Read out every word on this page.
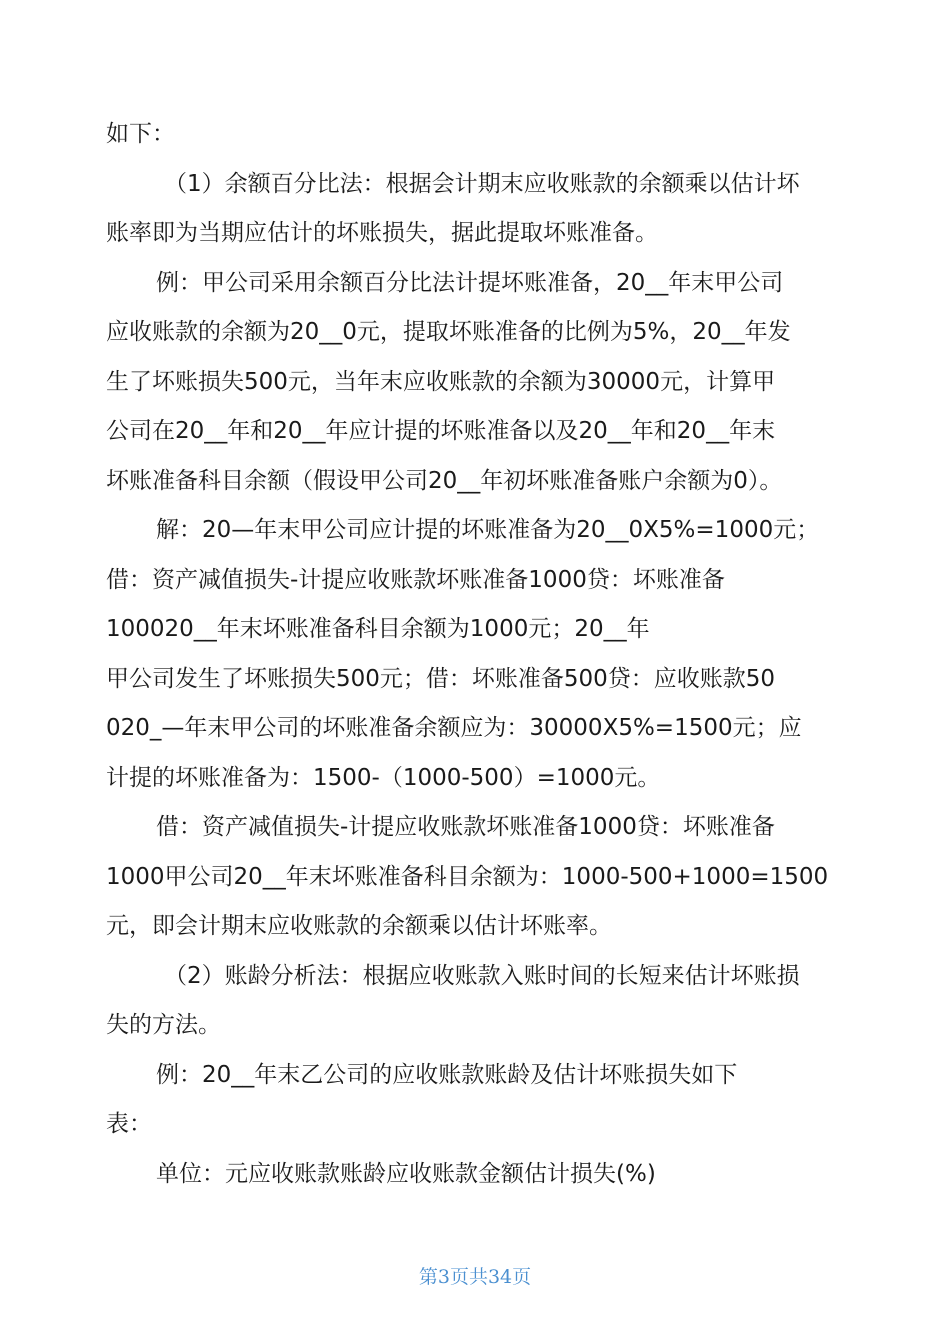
如下：
（1）余额百分比法：根据会计期末应收账款的余额乘以估计坏
账率即为当期应估计的坏账损失，据此提取坏账准备。
例：甲公司采用余额百分比法计提坏账准备，20__年末甲公司
应收账款的余额为20__0元，提取坏账准备的比例为5%，20__年发
生了坏账损失500元，当年末应收账款的余额为30000元，计算甲
公司在20__年和20__年应计提的坏账准备以及20__年和20__年末
坏账准备科目余额（假设甲公司20__年初坏账准备账户余额为0）。
解：20—年末甲公司应计提的坏账准备为20__0X5%=1000元；
借：资产减值损失-计提应收账款坏账准备1000贷：坏账准备
100020__年末坏账准备科目余额为1000元；20__年
甲公司发生了坏账损失500元；借：坏账准备500贷：应收账款50
020_—年末甲公司的坏账准备余额应为：30000X5%=1500元；应
计提的坏账准备为：1500-（1000-500）=1000元。
借：资产减值损失-计提应收账款坏账准备1000贷：坏账准备
1000甲公司20__年末坏账准备科目余额为：1000-500+1000=1500
元，即会计期末应收账款的余额乘以估计坏账率。
（2）账龄分析法：根据应收账款入账时间的长短来估计坏账损
失的方法。
例：20__年末乙公司的应收账款账龄及估计坏账损失如下
表：
单位：元应收账款账龄应收账款金额估计损失(%)
第3页共34页
